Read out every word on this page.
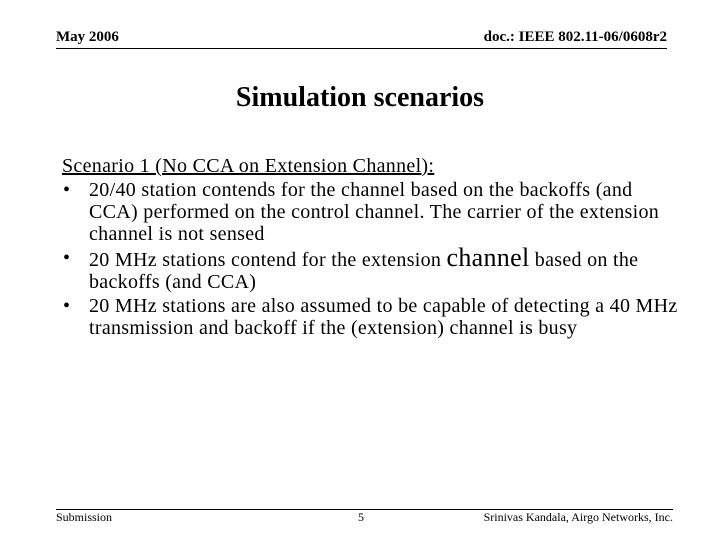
May 2006	doc.: IEEE 802.11-06/0608r2
Simulation scenarios
Scenario 1 (No CCA on Extension Channel):
• 20/40 station contends for the channel based on the backoffs (and CCA) performed on the control channel. The carrier of the extension channel is not sensed
• 20 MHz stations contend for the extension channel based on the backoffs (and CCA)
• 20 MHz stations are also assumed to be capable of detecting a 40 MHz transmission and backoff if the (extension) channel is busy
Submission	5	Srinivas Kandala, Airgo Networks, Inc.
